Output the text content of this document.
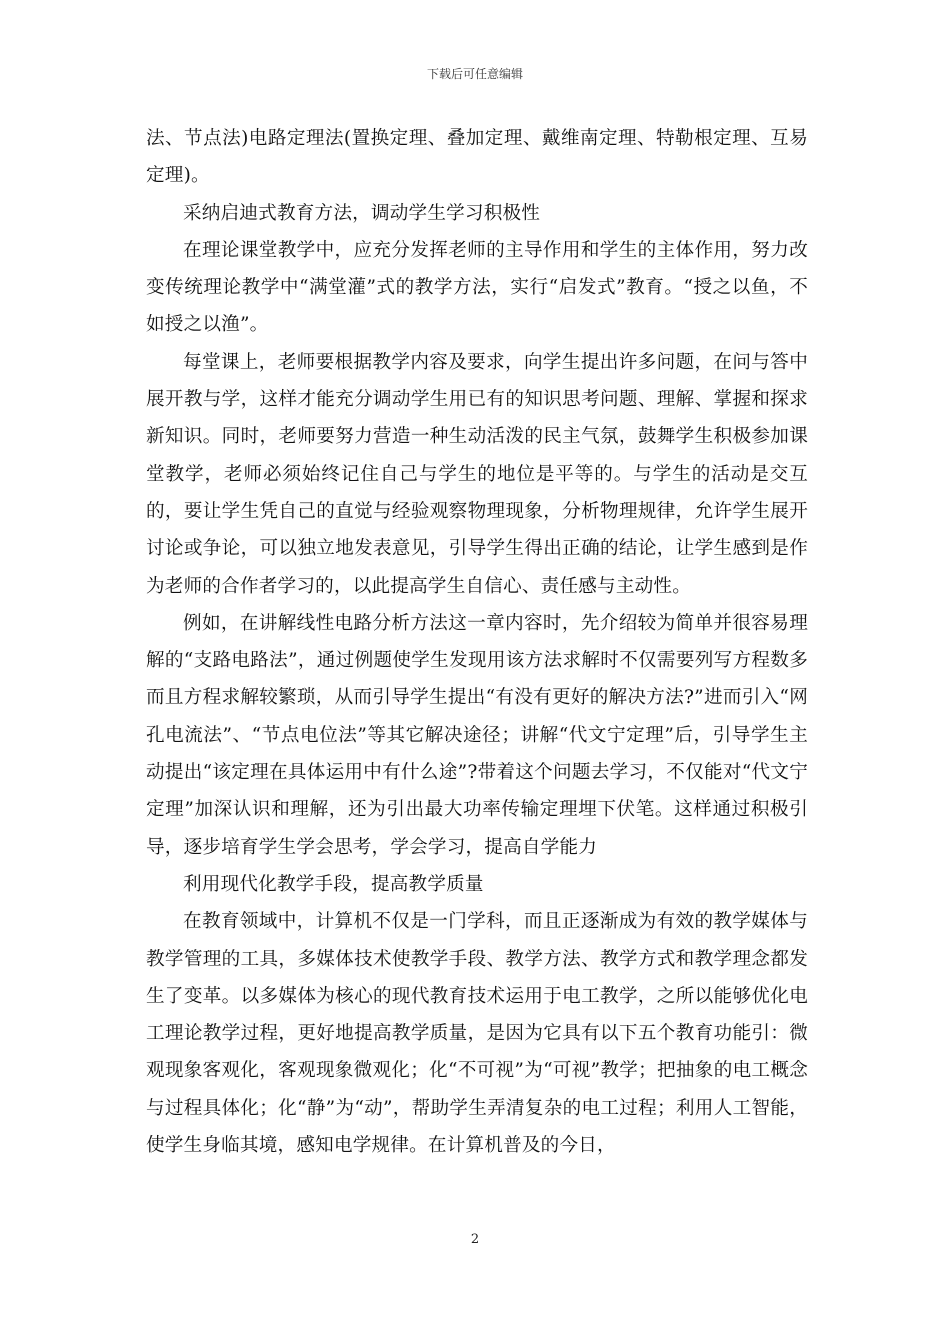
下载后可任意编辑

法、节点法)电路定理法(置换定理、叠加定理、戴维南定理、特勒根定理、互易定理)。

采纳启迪式教育方法，调动学生学习积极性

在理论课堂教学中，应充分发挥老师的主导作用和学生的主体作用，努力改变传统理论教学中“满堂灌”式的教学方法，实行“启发式”教育。“授之以鱼，不如授之以渔”。

每堂课上，老师要根据教学内容及要求，向学生提出许多问题，在问与答中展开教与学，这样才能充分调动学生用已有的知识思考问题、理解、掌握和探求新知识。同时，老师要努力营造一种生动活泼的民主气氛，鼓舞学生积极参加课堂教学，老师必须始终记住自己与学生的地位是平等的。与学生的活动是交互的，要让学生凭自己的直觉与经验观察物理现象，分析物理规律，允许学生展开讨论或争论，可以独立地发表意见，引导学生得出正确的结论，让学生感到是作为老师的合作者学习的，以此提高学生自信心、责任感与主动性。

例如，在讲解线性电路分析方法这一章内容时，先介绍较为简单并很容易理解的“支路电路法”，通过例题使学生发现用该方法求解时不仅需要列写方程数多而且方程求解较繁琐，从而引导学生提出“有没有更好的解决方法?”进而引入“网孔电流法”、“节点电位法”等其它解决途径；讲解“代文宁定理”后，引导学生主动提出“该定理在具体运用中有什么途”?带着这个问题去学习，不仅能对“代文宁定理”加深认识和理解，还为引出最大功率传输定理埋下伏笔。这样通过积极引导，逐步培育学生学会思考，学会学习，提高自学能力

利用现代化教学手段，提高教学质量

在教育领域中，计算机不仅是一门学科，而且正逐渐成为有效的教学媒体与教学管理的工具，多媒体技术使教学手段、教学方法、教学方式和教学理念都发生了变革。以多媒体为核心的现代教育技术运用于电工教学，之所以能够优化电工理论教学过程，更好地提高教学质量，是因为它具有以下五个教育功能引：微观现象客观化，客观现象微观化；化“不可视”为“可视”教学；把抽象的电工概念与过程具体化；化“静”为“动”，帮助学生弄清复杂的电工过程；利用人工智能，使学生身临其境，感知电学规律。在计算机普及的今日，

2
